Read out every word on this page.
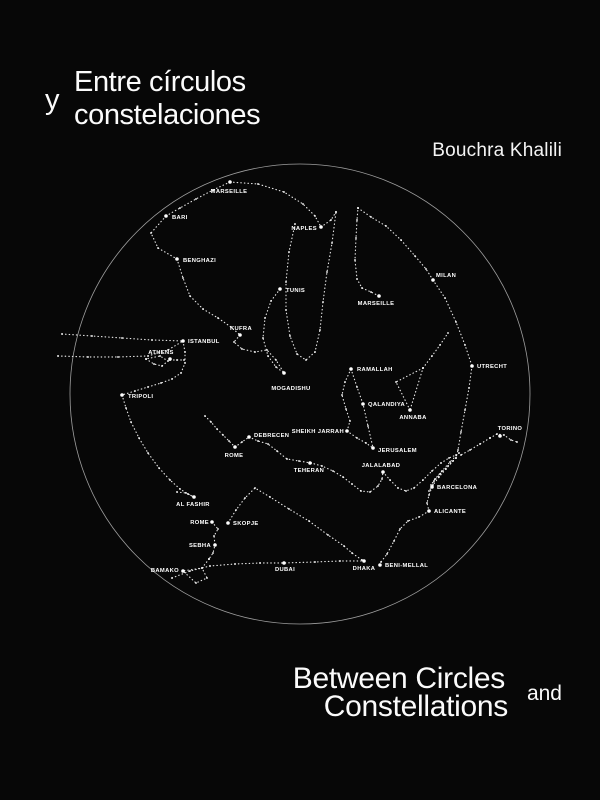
y
Entre círculos
constelaciones
Bouchra Khalili
MARSEILLE
BARI
NAPLES
BENGHAZI
TUNIS
MILAN
MARSEILLE
KUFRA
ISTANBUL
ATHENS
TRIPOLI
MOGADISHU
RAMALLAH
QALANDIYA
ANNABA
UTRECHT
SHEIKH JARRAH
JERUSALEM
DEBRECEN
ROME
TEHERAN
JALALABAD
TORINO
BARCELONA
ALICANTE
AL FASHIR
ROME	SKOPJE
SEBHA
BAMAKO	DUBAI	DHAKA BENI-MELLAL
Between Circles and
Constellations
